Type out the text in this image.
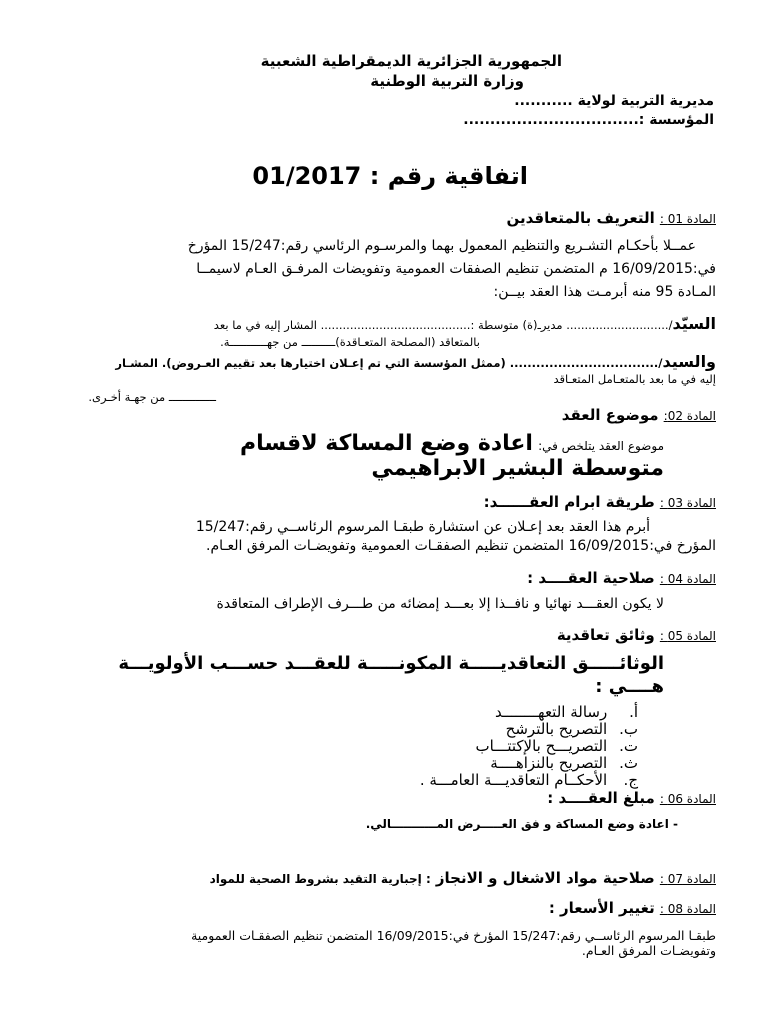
الجمهورية الجزائرية الديمقراطية الشعبية
وزارة التربية الوطنية
مديرية التربية لولاية ...........
المؤسسة :.................................
اتفاقية رقم : 01/2017
المادة 01 : التعريف بالمتعاقدين
عمــلا بأحكـام التشـريع والتنظيم المعمول بهما والمرسـوم الرئاسي رقم:15/247 المؤرخ
في:16/09/2015 م المتضمن تنظيم الصفقات العمومية وتفويضات المرفـق العـام لاسيمــا
المـادة 95 منه أبرمـت هذا العقد بيــن:
السيّد/............................ مديرـ(ة) متوسطة :......................................... المشار إليه في ما بعد
بالمتعاقد (المصلحة المتعـاقدة)ــــــــــ من جهـــــــــــة.
والسيد/.................................. (ممثل المؤسسة التي تم إعـلان اختيارها بعد تقييم العـروض). المشـار
إليه في ما بعد بالمتعـامل المتعـاقد
ــــــــــــــ من جهـة أخـرى.
المادة 02: موضوع العقد
موضوع العقد يتلخص في: اعادة وضع المساكة لاقسام
متوسطة البشير الابراهيمي
المادة 03 : طريقة ابرام العقــــــد:
أبرم هذا العقد بعد إعـلان عن استشارة طبقـا المرسوم الرئاســي رقم:15/247
المؤرخ في:16/09/2015 المتضمن تنظيم الصفقـات العمومية وتفويضـات المرفق العـام.
المادة 04 : صلاحية العقــــد :
لا يكون العقـــد نهائيا و نافــذا إلا بعـــد إمضائه من طـــرف الإطراف المتعاقدة
المادة 05 : وثائق تعاقدية
الوثائـــــق التعاقديـــــة المكونـــــة للعقـــد حســـب الأولويـــة
هــــي :
أ. رسالة التعهــــــــد
ب. التصريح بالترشح
ت. التصريـــح بالإكتتـــاب
ث. التصريح بالنزاهــــة
ج. الأحكــام التعاقديـــة العامـــة .
المادة 06 : مبلغ العقــــد :
- اعادة وضع المساكة و فق العـــــرض المـــــــــــالي.
المادة 07 : صلاحية مواد الاشغال و الانجاز : إجبارية التقيد بشروط الصحية للمواد
المادة 08 : تغيير الأسعار :
طبقـا المرسوم الرئاســي رقم:15/247 المؤرخ في:16/09/2015 المتضمن تنظيم الصفقـات العمومية
وتفويضـات المرفق العـام.
